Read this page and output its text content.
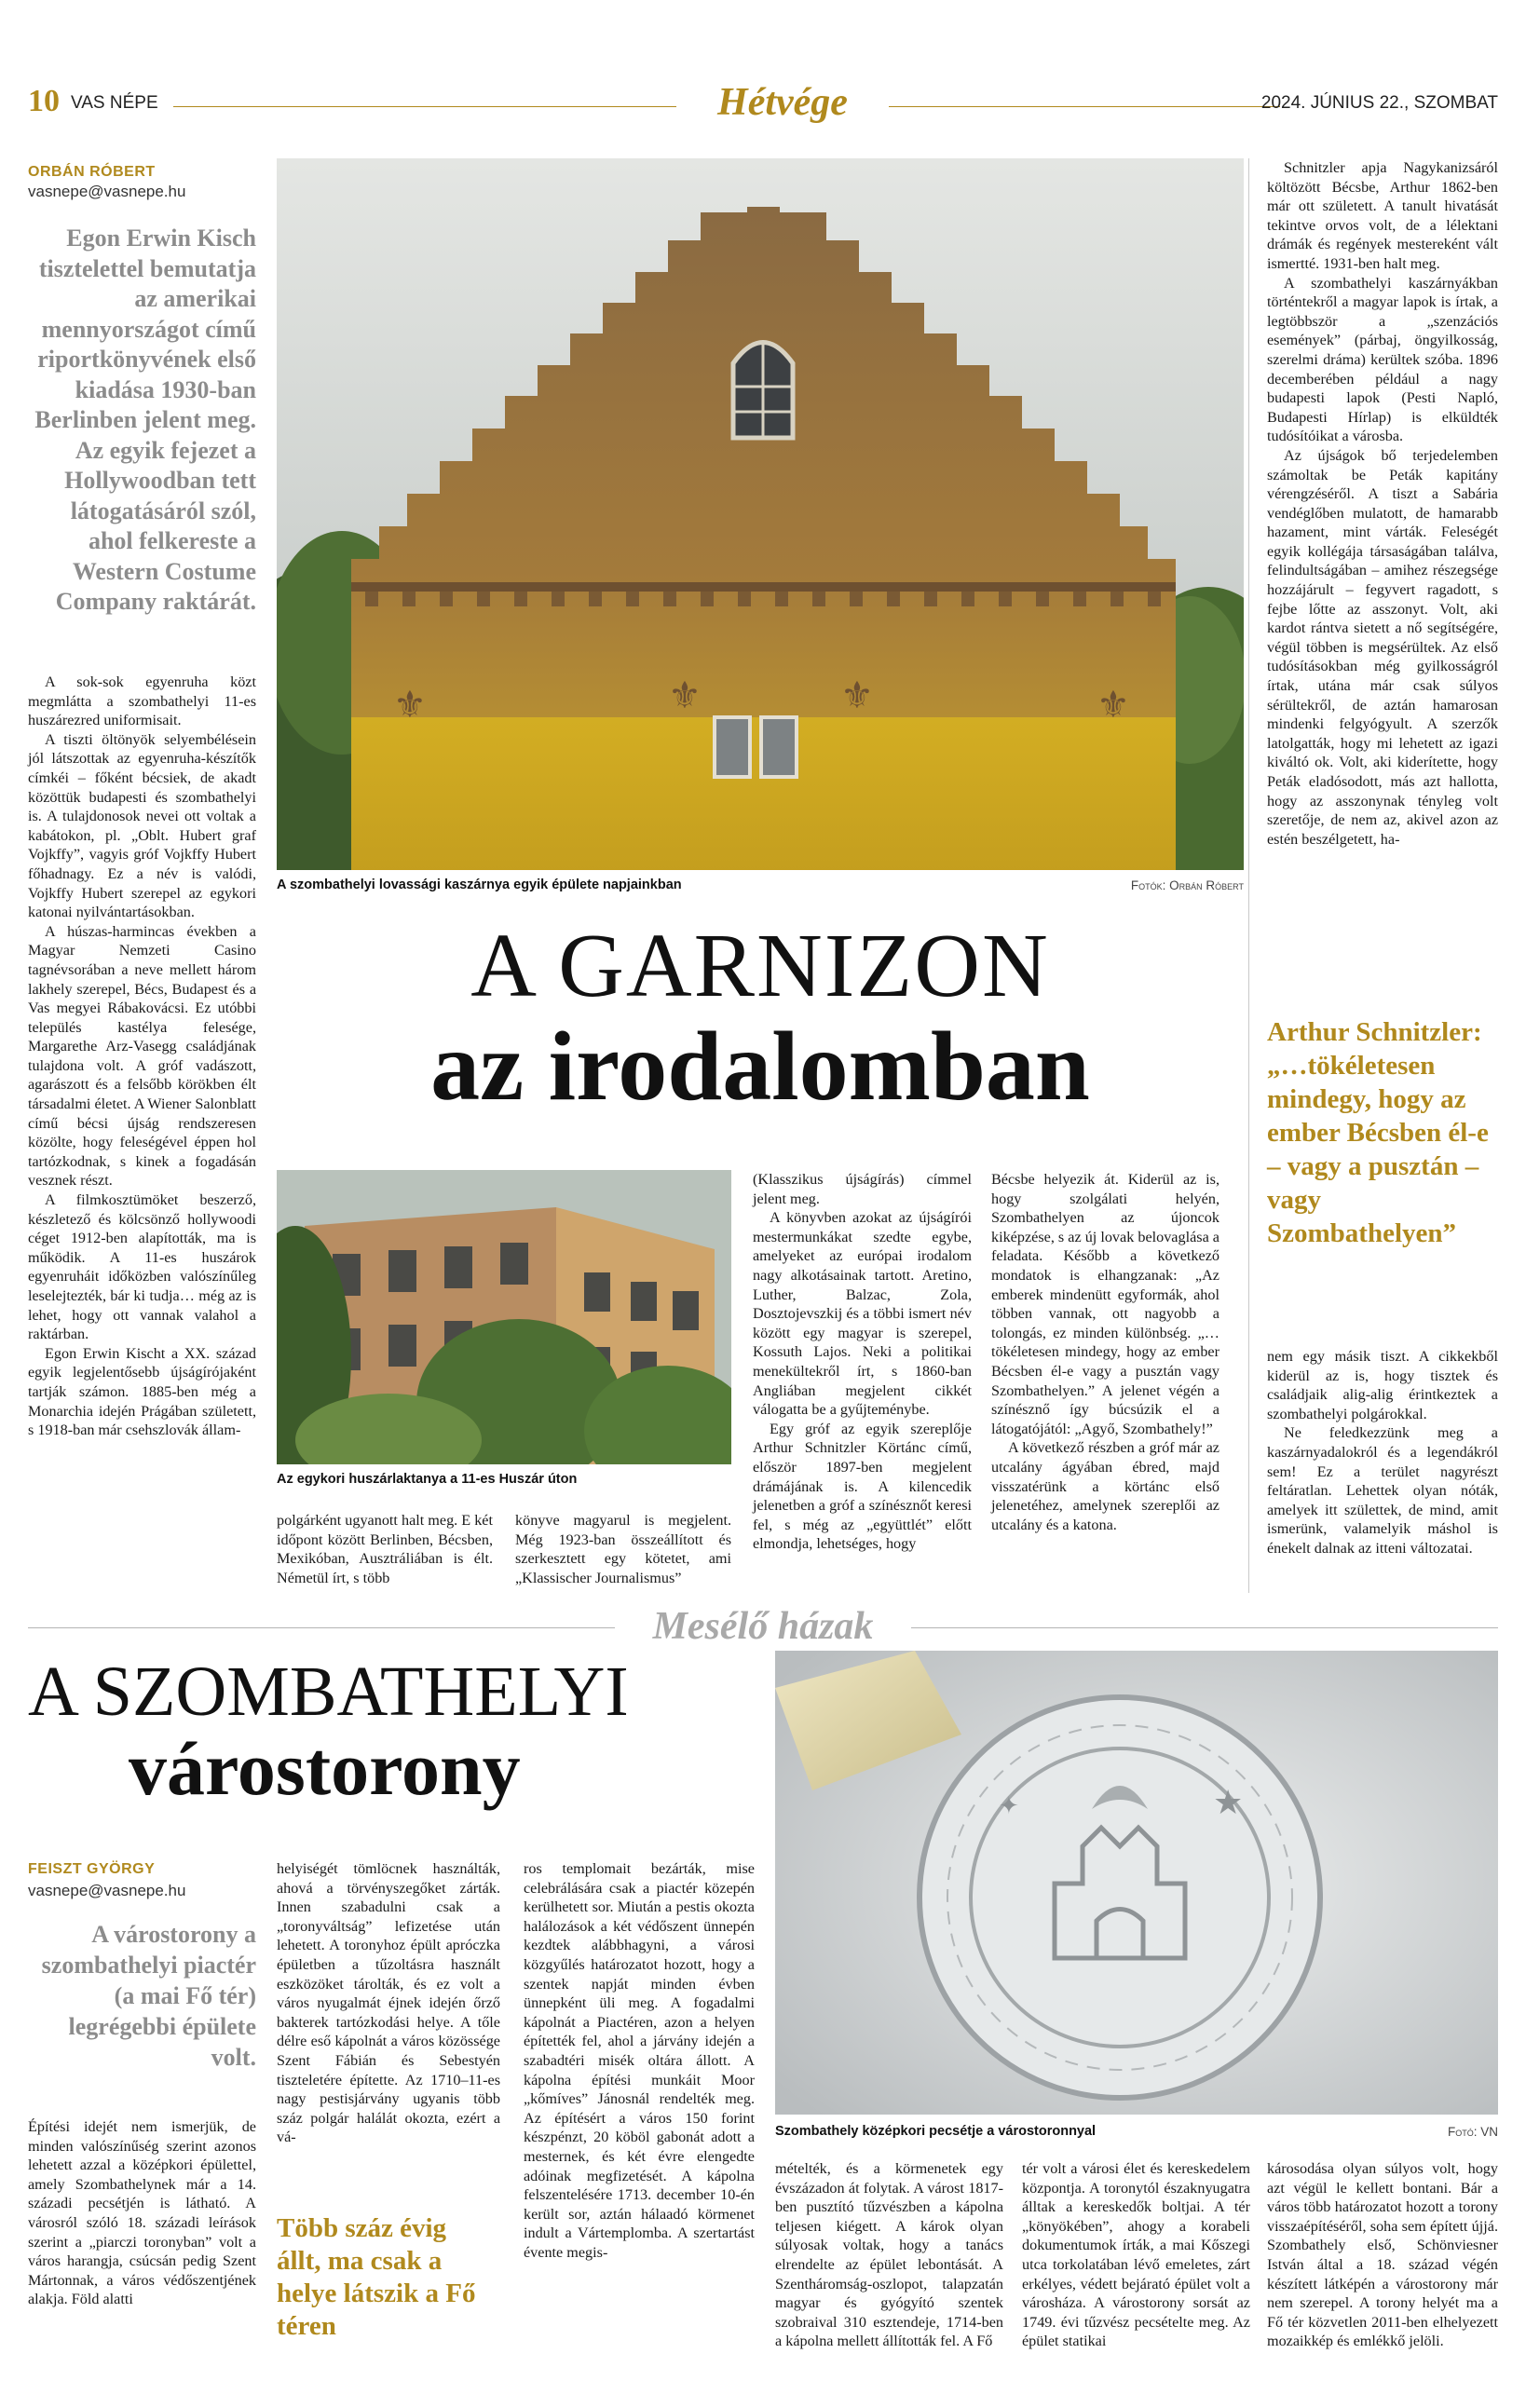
10 VAS NÉPE	Hétvége	2024. JÚNIUS 22., SZOMBAT
ORBÁN RÓBERT
vasnepe@vasnepe.hu
Egon Erwin Kisch tisztelettel bemutatja az amerikai mennyországot című riportkönyvének első kiadása 1930-ban Berlinben jelent meg. Az egyik fejezet a Hollywoodban tett látogatásáról szól, ahol felkereste a Western Costume Company raktárát.
⚜	⚜	⚜	⚜
A szombathelyi lovassági kaszárnya egyik épülete napjainkban	Fotók: Orbán Róbert
A GARNIZON
az irodalomban

A sok-sok egyenruha közt megmlátta a szombathelyi 11-es huszárezred uniformisait.

A tiszti öltönyök selyembélésein jól látszottak az egyenruha-készítők címkéi – főként bécsiek, de akadt közöttük budapesti és szombathelyi is. A tulajdonosok nevei ott voltak a kabátokon, pl. „Oblt. Hubert graf Vojkffy”, vagyis gróf Vojkffy Hubert főhadnagy. Ez a név is valódi, Vojkffy Hubert szerepel az egykori katonai nyilvántartásokban.

A húszas-harmincas években a Magyar Nemzeti Casino tagnévsorában a neve mellett három lakhely szerepel, Bécs, Budapest és a Vas megyei Rábakovácsi. Ez utóbbi település kastélya felesége, Margarethe Arz-Vasegg családjának tulajdona volt. A gróf vadászott, agarászott és a felsőbb körökben élt társadalmi életet. A Wiener Salonblatt című bécsi újság rendszeresen közölte, hogy feleségével éppen hol tartózkodnak, s kinek a fogadásán vesznek részt.

A filmkosztümöket beszerző, készletező és kölcsönző hollywoodi céget 1912-ben alapították, ma is működik. A 11-es huszárok egyenruháit időközben valószínűleg leselejtezték, bár ki tudja… még az is lehet, hogy ott vannak valahol a raktárban.

Egon Erwin Kischt a XX. század egyik legjelentősebb újságírójaként tartják számon. 1885-ben még a Monarchia idején Prágában született, s 1918-ban már csehszlovák állam-

Az egykori huszárlaktanya a 11-es Huszár úton

polgárként ugyanott halt meg. E két időpont között Berlinben, Bécsben, Mexikóban, Ausztráliában is élt. Németül írt, s több

könyve magyarul is megjelent. Még 1923-ban összeállított és szerkesztett egy kötetet, ami „Klassischer Journalismus”

(Klasszikus újságírás) címmel jelent meg.

A könyvben azokat az újságírói mestermunkákat szedte egybe, amelyeket az európai irodalom nagy alkotásainak tartott. Aretino, Luther, Balzac, Zola, Dosztojevszkij és a többi ismert név között egy magyar is szerepel, Kossuth Lajos. Neki a politikai menekültekről írt, s 1860-ban Angliában megjelent cikkét válogatta be a gyűjteménybe.

Egy gróf az egyik szereplője Arthur Schnitzler Körtánc című, először 1897-ben megjelent drámájának is. A kilencedik jelenetben a gróf a színésznőt keresi fel, s még az „együttlét” előtt elmondja, lehetséges, hogy

Bécsbe helyezik át. Kiderül az is, hogy szolgálati helyén, Szombathelyen az újoncok kiképzése, s az új lovak belovaglása a feladata. Később a következő mondatok is elhangzanak: „Az emberek mindenütt egyformák, ahol többen vannak, ott nagyobb a tolongás, ez minden különbség. „…tökéletesen mindegy, hogy az ember Bécsben él-e vagy a pusztán vagy Szombathelyen.” A jelenet végén a színésznő így búcsúzik el a látogatójától: „Agyő, Szombathely!”

A következő részben a gróf már az utcalány ágyában ébred, majd visszatérünk a körtánc első jelenetéhez, amelynek szereplői az utcalány és a katona.

Schnitzler apja Nagykanizsáról költözött Bécsbe, Arthur 1862-ben már ott született. A tanult hivatását tekintve orvos volt, de a lélektani drámák és regények mestereként vált ismertté. 1931-ben halt meg.

A szombathelyi kaszárnyákban történtekről a magyar lapok is írtak, a legtöbbször a „szenzációs események” (párbaj, öngyilkosság, szerelmi dráma) kerültek szóba. 1896 decemberében például a nagy budapesti lapok (Pesti Napló, Budapesti Hírlap) is elküldték tudósítóikat a városba.

Az újságok bő terjedelemben számoltak be Peták kapitány vérengzéséről. A tiszt a Sabária vendéglőben mulatott, de hamarabb hazament, mint várták. Feleségét egyik kollégája társaságában találva, felindultságában – amihez részegsége hozzájárult – fegyvert ragadott, s fejbe lőtte az asszonyt. Volt, aki kardot rántva sietett a nő segítségére, végül többen is megsérültek. Az első tudósításokban még gyilkosságról írtak, utána már csak súlyos sérültekről, de aztán hamarosan mindenki felgyógyult. A szerzők latolgatták, hogy mi lehetett az igazi kiváltó ok. Volt, aki kiderítette, hogy Peták eladósodott, más azt hallotta, hogy az asszonynak tényleg volt szeretője, de nem az, akivel azon az estén beszélgetett, ha-

Arthur Schnitzler: „…tökéletesen mindegy, hogy az ember Bécsben él-e – vagy a pusztán – vagy Szombathelyen”

nem egy másik tiszt. A cikkekből kiderül az is, hogy tisztek és családjaik alig-alig érintkeztek a szombathelyi polgárokkal.

Ne feledkezzünk meg a kaszárnyadalokról és a legendákról sem! Ez a terület nagyrészt feltáratlan. Lehettek olyan nóták, amelyek itt születtek, de mind, amit ismerünk, valamelyik máshol is énekelt dalnak az itteni változatai.

Mesélő házak
A SZOMBATHELYI
várostorony
FEISZT GYÖRGY
vasnepe@vasnepe.hu
A várostorony a szombathelyi piactér (a mai Fő tér) legrégebbi épülete volt.
★
✦
Szombathely középkori pecsétje a várostoronnyal	Fotó: VN

Építési idejét nem ismerjük, de minden valószínűség szerint azonos lehetett azzal a középkori épülettel, amely Szombathelynek már a 14. századi pecsétjén is látható. A városról szóló 18. századi leírások szerint a „piarczi toronyban” volt a város harangja, csúcsán pedig Szent Mártonnak, a város védőszentjének alakja. Föld alatti

helyiségét tömlöcnek használták, ahová a törvényszegőket zárták. Innen szabadulni csak a „toronyváltság” lefizetése után lehetett. A toronyhoz épült apróczka épületben a tűzoltásra használt eszközöket tárolták, és ez volt a város nyugalmát éjnek idején őrző bakterek tartózkodási helye. A tőle délre eső kápolnát a város közössége Szent Fábián és Sebestyén tiszteletére építette. Az 1710–11-es nagy pestisjárvány ugyanis több száz polgár halálát okozta, ezért a vá-

Több száz évig állt, ma csak a helye látszik a Fő téren

ros templomait bezárták, mise celebrálására csak a piactér közepén kerülhetett sor. Miután a pestis okozta halálozások a két védőszent ünnepén kezdtek alábbhagyni, a városi közgyűlés határozatot hozott, hogy a szentek napját minden évben ünnepként üli meg. A fogadalmi kápolnát a Piactéren, azon a helyen építették fel, ahol a járvány idején a szabadtéri misék oltára állott. A kápolna építési munkáit Moor „kőmíves” Jánosnál rendelték meg. Az építésért a város 150 forint készpénzt, 20 köböl gabonát adott a mesternek, és két évre elengedte adóinak megfizetését. A kápolna felszentelésére 1713. december 10-én került sor, aztán hálaadó körmenet indult a Vártemplomba. A szertartást évente megis-

mételték, és a körmenetek egy évszázadon át folytak. A várost 1817-ben pusztító tűzvészben a kápolna teljesen kiégett. A károk olyan súlyosak voltak, hogy a tanács elrendelte az épület lebontását. A Szentháromság-oszlopot, talapzatán magyar és gyógyító szentek szobraival 310 esztendeje, 1714-ben a kápolna mellett állították fel. A Fő

tér volt a városi élet és kereskedelem központja. A toronytól északnyugatra álltak a kereskedők boltjai. A tér „könyökében”, ahogy a korabeli dokumentumok írták, a mai Kőszegi utca torkolatában lévő emeletes, zárt erkélyes, védett bejárató épület volt a városháza. A várostorony sorsát az 1749. évi tűzvész pecsételte meg. Az épület statikai

károsodása olyan súlyos volt, hogy azt végül le kellett bontani. Bár a város több határozatot hozott a torony visszaépítéséről, soha sem épített újjá. Szombathely első, Schönviesner István által a 18. század végén készített látképén a várostorony már nem szerepel. A torony helyét ma a Fő tér közvetlen 2011-ben elhelyezett mozaikkép és emlékkő jelöli.
